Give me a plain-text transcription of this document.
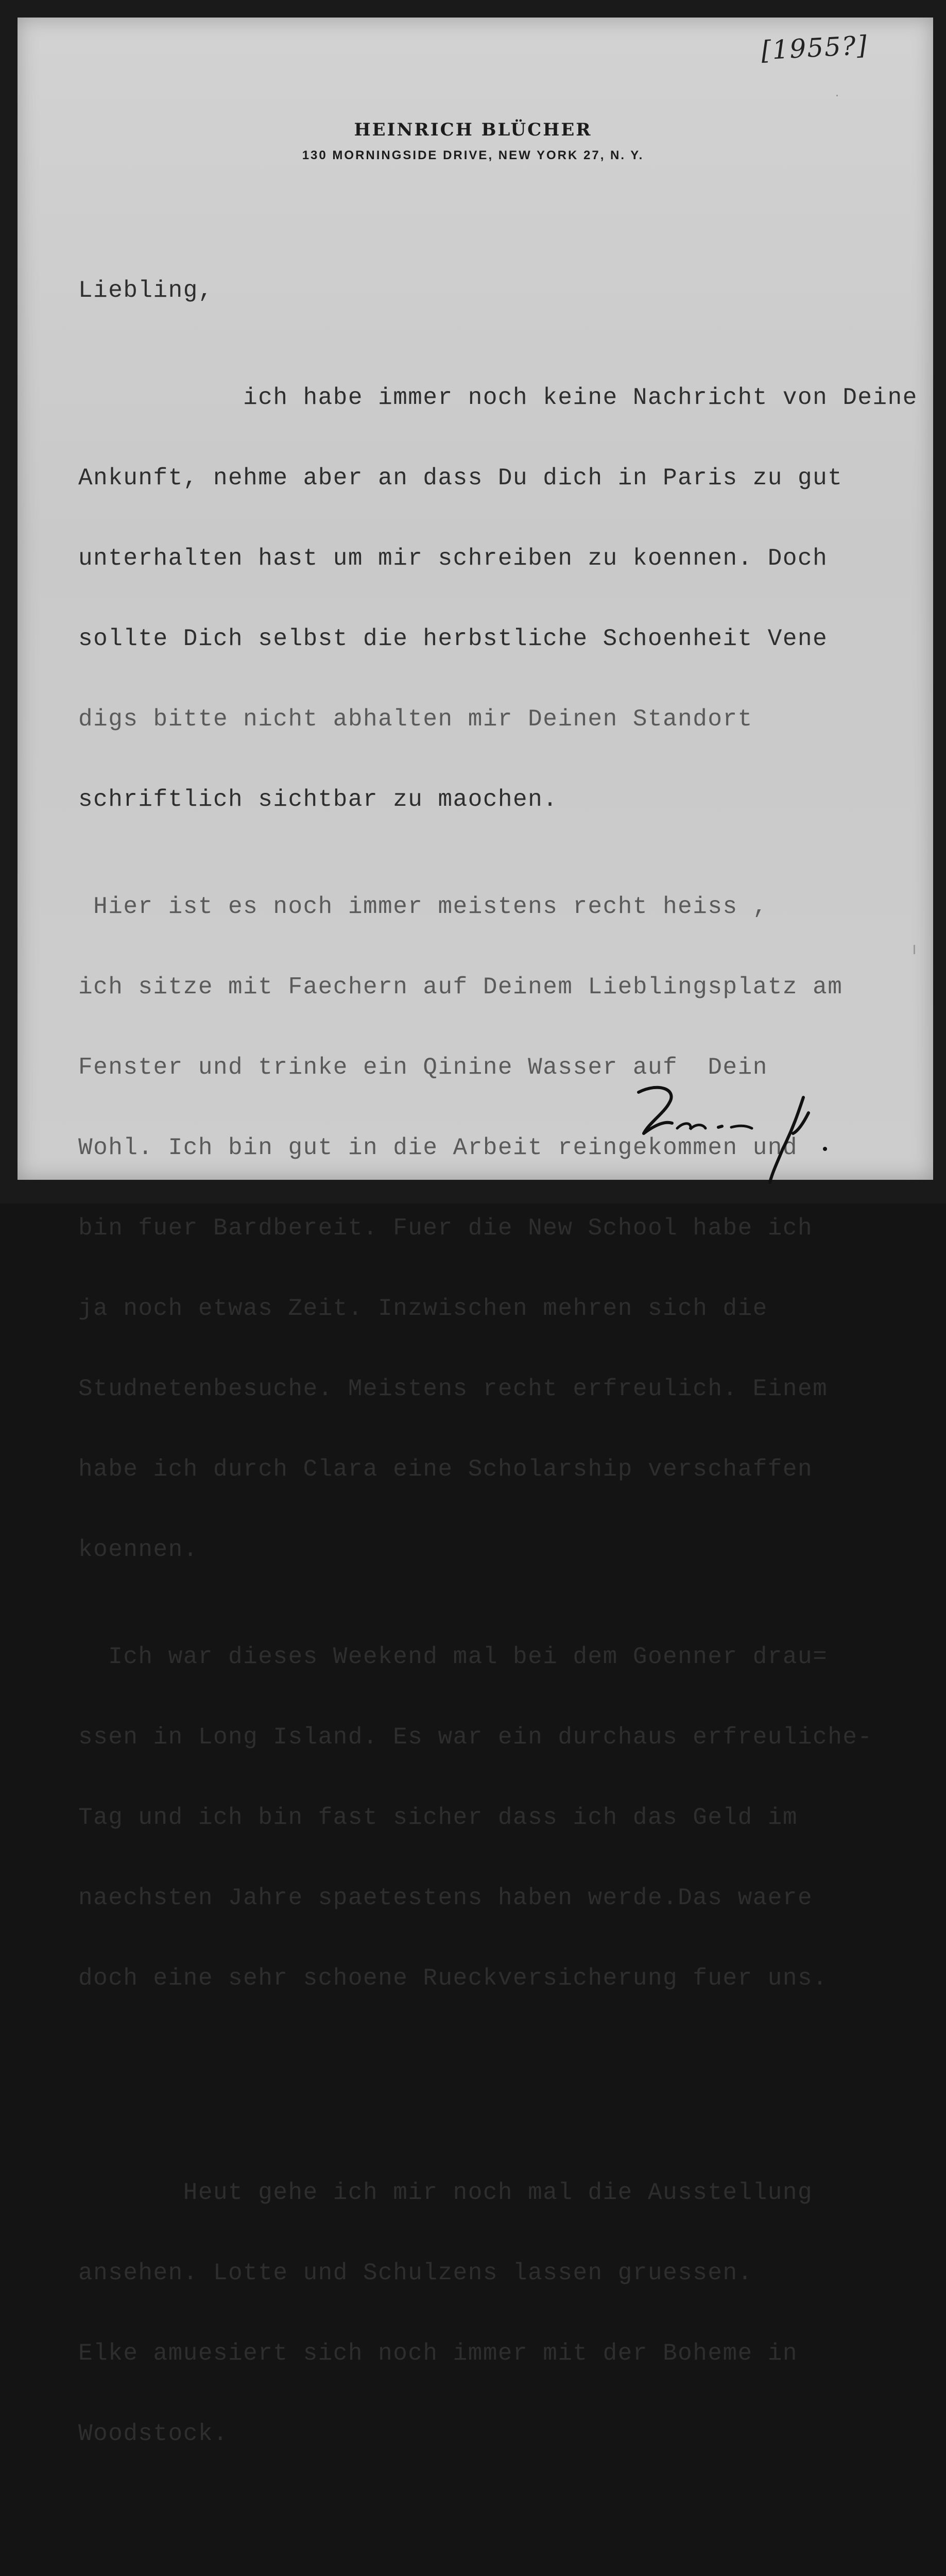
[1955?]
HEINRICH BLÜCHER
130 MORNINGSIDE DRIVE, NEW YORK 27, N. Y.

Liebling,

ich habe immer noch keine Nachricht von Deine

Ankunft, nehme aber an dass Du dich in Paris zu gut

unterhalten hast um mir schreiben zu koennen. Doch

sollte Dich selbst die herbstliche Schoenheit Vene

digs bitte nicht abhalten mir Deinen Standort

schriftlich sichtbar zu maochen.

Hier ist es noch immer meistens recht heiss ,

ich sitze mit Faechern auf Deinem Lieblingsplatz am

Fenster und trinke ein Qinine Wasser auf  Dein

Wohl. Ich bin gut in die Arbeit reingekommen und

bin fuer Bardbereit. Fuer die New School habe ich

ja noch etwas Zeit. Inzwischen mehren sich die

Studnetenbesuche. Meistens recht erfreulich. Einem

habe ich durch Clara eine Scholarship verschaffen

koennen.

Ich war dieses Weekend mal bei dem Goenner drau=

ssen in Long Island. Es war ein durchaus erfreuliche-

Tag und ich bin fast sicher dass ich das Geld im

naechsten Jahre spaetestens haben werde.Das waere

doch eine sehr schoene Rueckversicherung fuer uns.

Heut gehe ich mir noch mal die Ausstellung

ansehen. Lotte und Schulzens lassen gruessen.

Elke amuesiert sich noch immer mit der Boheme in

Woodstock.
